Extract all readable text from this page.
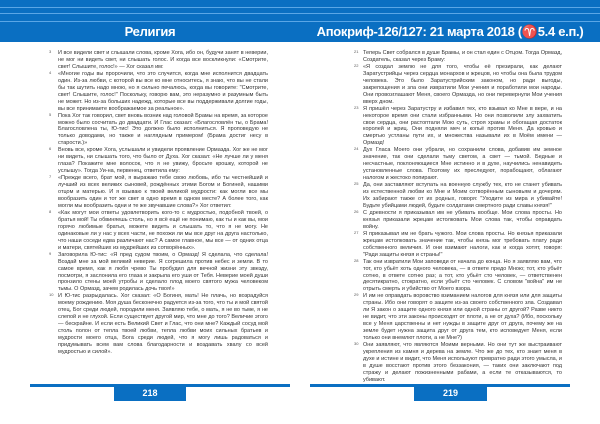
Религия	Апокриф-126/127: 21 марта 2018 (♈5.4 е.п.)

3 И все видели свет и слышали слова, кроме Хога, ибо он, будучи занят в неверии, не мог ни видеть свет, ни слышать голос. И когда все воскликнули: «Смотрите, свет! Слышите, голос!» — Хог сказал им:

4 «Многие годы вы пророчили, что это случится, когда мне исполнится двадцать один. Из-за любви, с которой вы все ко мне относитесь, я знаю, что вы не стали бы так шутить надо мною, но я сильно печалюсь, когда вы говорите: "Смотрите, свет! Слышите, голос!" Поскольку, говорю вам, это неразумно и разумным быть не может. Но из-за больших надежд, которые все вы поддерживали долгие годы, вы все принимаете воображаемое за реальное».

5 Пока Хог так говорил, свет вновь возник над головой Брамы на время, за которое можно было сосчитать до двадцати. И Глас сказал: «Благословлён ты, о Брама! Благословлена ты, Ю-тис! Это должно было исполниться. Я проповедую не только доводами, но также и наглядным примером! (Брама достиг несу в старости.)»

6 Вновь все, кроме Хога, услышали и увидели проявление Ормазда. Хог же не мог ни видеть, ни слышать того, что было от Духа. Хог сказал: «Не лучше ли у меня глаза? Покажите мне волосок, что я не увижу, бросьте крошку, которой не услышу». Тогда Уи-на, первенец, ответила ему:

7 «Прежде всего, брат мой, я выражаю тебе свою любовь, ибо ты честнейший и лучший из всех великих сыновей, рождённых этими Богом и Богиней, нашими отцом и матерью. И я взываю к твоей великой мудрости: как могли все мы вообразить один и тот же свет в одно время в одном месте? А более того, как могли мы вообразить одни и те же звучавшие слова?» Хог ответил:

8 «Как могут мои ответы удовлетворить кого-то с мудростью, подобной твоей, о братья мой! Ты обвиняешь столь, но я всё ещё не понимаю, как ты и как вы, мои горячо любимые братья, можете видеть и слышать то, что я не могу. Не одинаковые ли у нас у всех части, не похожи ли мы все друг на друга настолько, что наши соседи едва различают нас? А самое главное, мы все — от одних отца и матери, святейших из мудрейших из сотворённых».

9 Заговорила Ю-тис: «Я пред судом твоим, о Ормазд! Я сделала, что сделала! Воздай мне за мой великий неверие. Я согрешила против небес и земли. В то самое время, как я любя чрево Ты пробудил для вечной жизни эту звезду, посмотри, я заслонила его глаза и закрыла его уши от Тебя. Неверие моей души пронзило стены моей утробы и сделало плод моего святого мужа человеком тьмы. О Ормазд, зачем родилась дочь твоя!»

10 И Ю-тис разрыдалась. Хог сказал: «О Богиня, мать! Не плачь, но возрадуйся моему рождению. Моя душа бесконечно радуется из-за того, что ты и мой святой отец, Бог среди людей, породили меня. Заявляю тебе, о мать, я не во тьме, я не слепой и не глухой. Если существует другой мир, что мне до того? Величие этого — бескрайне. И если есть Великий Свет и Глас, что они мне? Каждый сосуд мой столь полон от тепла твоей любви, тепла любви моих сильных братьев и мудрости моего отца, Бога среди людей, что я могу лишь радоваться и придумывать всем вам слова благодарности и воздавать хвалу со всей мудростью и силой».

21 Теперь Свет собрался в душе Брамы, и он стал един с Отцом. Тогда Ормазд, Создатель, сказал через Браму:

22 «Я создал землю не для того, чтобы её презирали, как делают Заратустрийцы через сердца монархов и жрецов, но чтобы она была трудом человека. Это было Заратустрийским законом, но ради выгоды, закрепощения и зла они извратили Мои учения и поработили мои народы. Они провозглашают Меня, своего Ормазда, но они перевернули Мои учения вверх дном.

23 Я пришёл через Заратустру и избавил тех, кто взывал ко Мне в вере, и на некоторое время они стали избранными. Но они позволили злу захватить свои сердца, они растоптали Мою суть, строя храмы и обогащая достаток королей и жриц. Они подняли меч и копьё против Меня. Да кровью и смертью устланы пути их, и множества называли их в Моём имени — Ормазд!

24 Дух Гласа Моего они убрали, но сохранили слова, добавив им земное значение, так они сделали тьму светом, а свет — тьмой. Бедные и несчастные, поклоняющиеся Мне истинно и в духе, научились ненавидеть установленные слова. Поэтому их преследуют, порабощают, облагают налогом и жестоко попирают.

25 Да, они заставляют вступать на военную службу тех, кто не станет убивать из естественной любви ко Мне и Моим сотворённым сыновьям и дочерям. Их забирают также от их родных, говоря: "Уходите из мира и убивайте! Будьте убийцами людей, будьте солдатами смертного ради славы князя!"

26 С древности я приказывал им не убивать вообще. Мои слова просты. Но князья приказали жрецам истолковать Мои слова так, чтобы оправдать войну.

27 Я приказывал им не брать чужого. Мои слова просты. Но князья приказали жрецам истолковать значение так, чтобы князь мог требовать плату ради собственного величия. И они взимают налоги, как и когда хотят, говоря: "Ради защиты князя и страны!"

28 Так они извратили Мои заповеди от начала до конца. Но я заявляю вам, что тот, кто убьёт хоть одного человека, — в ответе предо Мною; тот, кто убьёт сотню, в ответе сотню раз; а тот, кто убьёт сто человек, — ответственен десятикратно, стократно, если убьёт сто человек. С словом "война" им не отрыть смерть и убийство от Моего взора.

29 И им не оправдать воровство взиманием налогов для князя или для защиты страны. Ибо они говорят о защите из-за своего собственного зла. Создавал ли Я закон о защите одного князя или одной страны от другой? Разве никто не видит, что эти законы происходят от плоти, а не от духа? (Ибо, поскольку все у Меня царственны и нет нужды в защите друг от друга, почему же на земле будет нужна защита друг от друга тем, кто исповедует Меня, если только они внемлют плоти, а не Мне?)

30 Они заявляют, что являются Моими верными. Но они тут же выстраивают укрепления из камня и дерева на земле. Что же до тех, кто знает меня в духе и истине и видит, что Меня используют превратно ради этого умысла, и в душе восстают против этого беззакония, — таких они заключают под стражу и делают пожизненными рабами, а если те отказываются, то убивают.

218	219
